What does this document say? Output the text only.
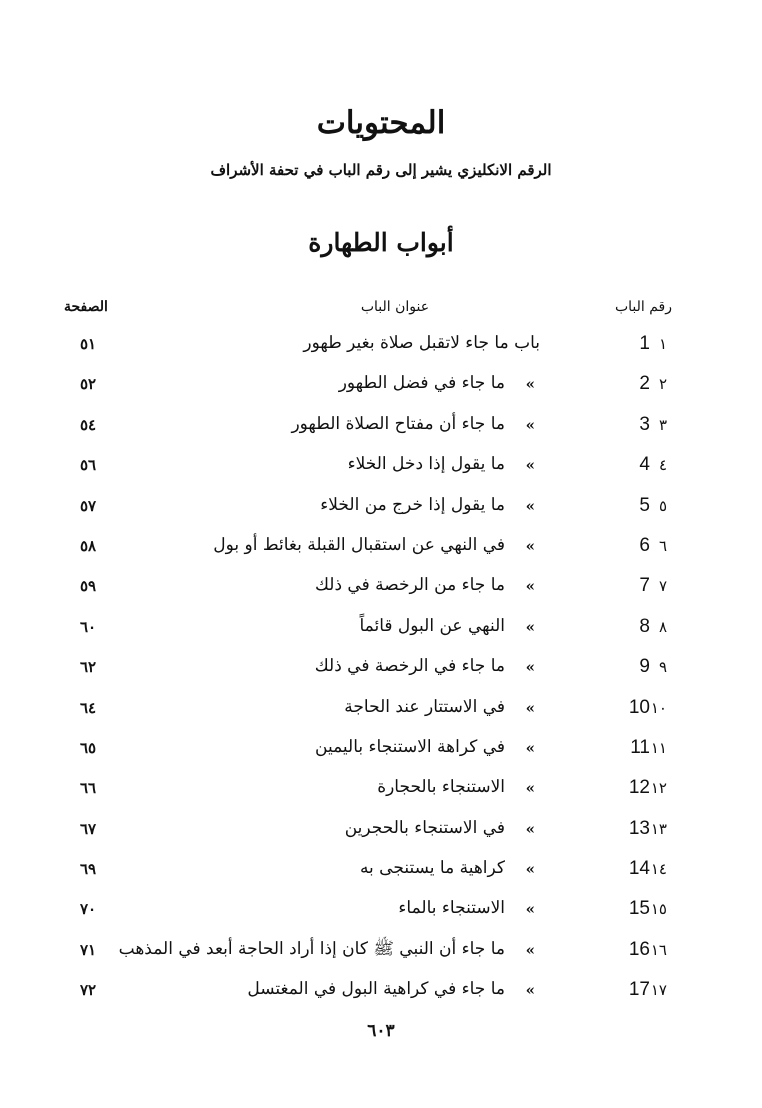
المحتويات
الرقم الانكليزي يشير إلى رقم الباب في تحفة الأشراف
أبواب الطهارة
رقم الباب
عنوان الباب
الصفحة
1 ١
باب ما جاء لاتقبل صلاة بغير طهور
٥١
2 ٢
«
ما جاء في فضل الطهور
٥٢
3 ٣
«
ما جاء أن مفتاح الصلاة الطهور
٥٤
4 ٤
«
ما يقول إذا دخل الخلاء
٥٦
5 ٥
«
ما يقول إذا خرج من الخلاء
٥٧
6 ٦
«
في النهي عن استقبال القبلة بغائط أو بول
٥٨
7 ٧
«
ما جاء من الرخصة في ذلك
٥٩
8 ٨
«
النهي عن البول قائماً
٦٠
9 ٩
«
ما جاء في الرخصة في ذلك
٦٢
10 ١٠
«
في الاستتار عند الحاجة
٦٤
11 ١١
«
في كراهة الاستنجاء باليمين
٦٥
12 ١٢
«
الاستنجاء بالحجارة
٦٦
13 ١٣
«
في الاستنجاء بالحجرين
٦٧
14 ١٤
«
كراهية ما يستنجى به
٦٩
15 ١٥
«
الاستنجاء بالماء
٧٠
16 ١٦
«
ما جاء أن النبي ﷺ كان إذا أراد الحاجة أبعد في المذهب
٧١
17 ١٧
«
ما جاء في كراهية البول في المغتسل
٧٢
٦٠٣
